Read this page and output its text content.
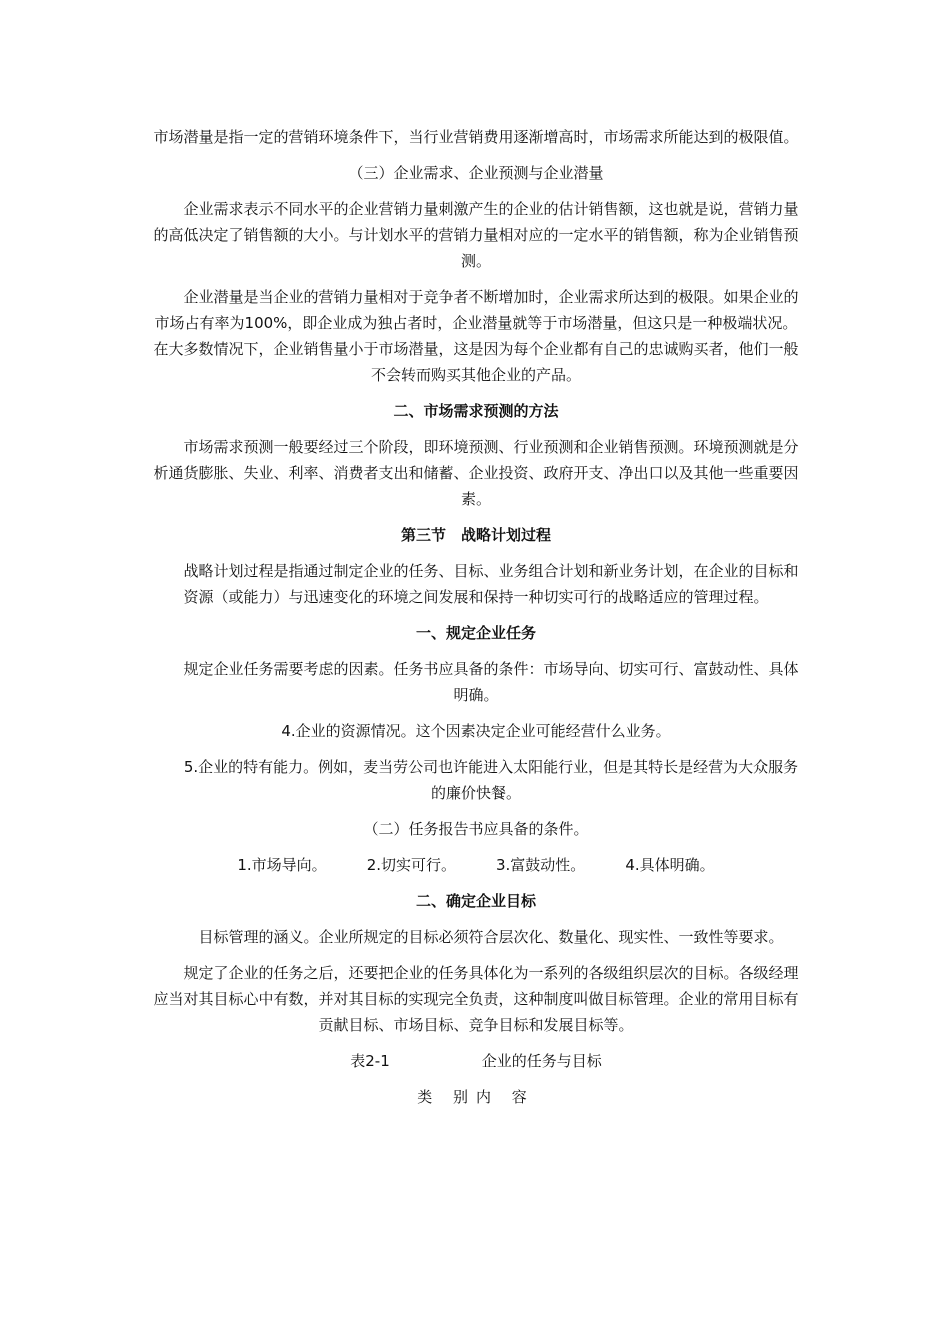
市场潜量是指一定的营销环境条件下，当行业营销费用逐渐增高时，市场需求所能达到的极限值。

（三）企业需求、企业预测与企业潜量

企业需求表示不同水平的企业营销力量刺激产生的企业的估计销售额，这也就是说，营销力量的高低决定了销售额的大小。与计划水平的营销力量相对应的一定水平的销售额，称为企业销售预测。

企业潜量是当企业的营销力量相对于竞争者不断增加时，企业需求所达到的极限。如果企业的市场占有率为100%，即企业成为独占者时，企业潜量就等于市场潜量，但这只是一种极端状况。在大多数情况下，企业销售量小于市场潜量，这是因为每个企业都有自己的忠诚购买者，他们一般不会转而购买其他企业的产品。

二、市场需求预测的方法

市场需求预测一般要经过三个阶段，即环境预测、行业预测和企业销售预测。环境预测就是分析通货膨胀、失业、利率、消费者支出和储蓄、企业投资、政府开支、净出口以及其他一些重要因素。

第三节　战略计划过程

战略计划过程是指通过制定企业的任务、目标、业务组合计划和新业务计划，在企业的目标和资源（或能力）与迅速变化的环境之间发展和保持一种切实可行的战略适应的管理过程。

一、规定企业任务

规定企业任务需要考虑的因素。任务书应具备的条件：市场导向、切实可行、富鼓动性、具体明确。

4.企业的资源情况。这个因素决定企业可能经营什么业务。

5.企业的特有能力。例如，麦当劳公司也许能进入太阳能行业，但是其特长是经营为大众服务的廉价快餐。

（二）任务报告书应具备的条件。

1.市场导向。	2.切实可行。	3.富鼓动性。	4.具体明确。
二、确定企业目标

目标管理的涵义。企业所规定的目标必须符合层次化、数量化、现实性、一致性等要求。

规定了企业的任务之后，还要把企业的任务具体化为一系列的各级组织层次的目标。各级经理应当对其目标心中有数，并对其目标的实现完全负责，这种制度叫做目标管理。企业的常用目标有贡献目标、市场目标、竞争目标和发展目标等。

表2-1	企业的任务与目标
类 别内 容
